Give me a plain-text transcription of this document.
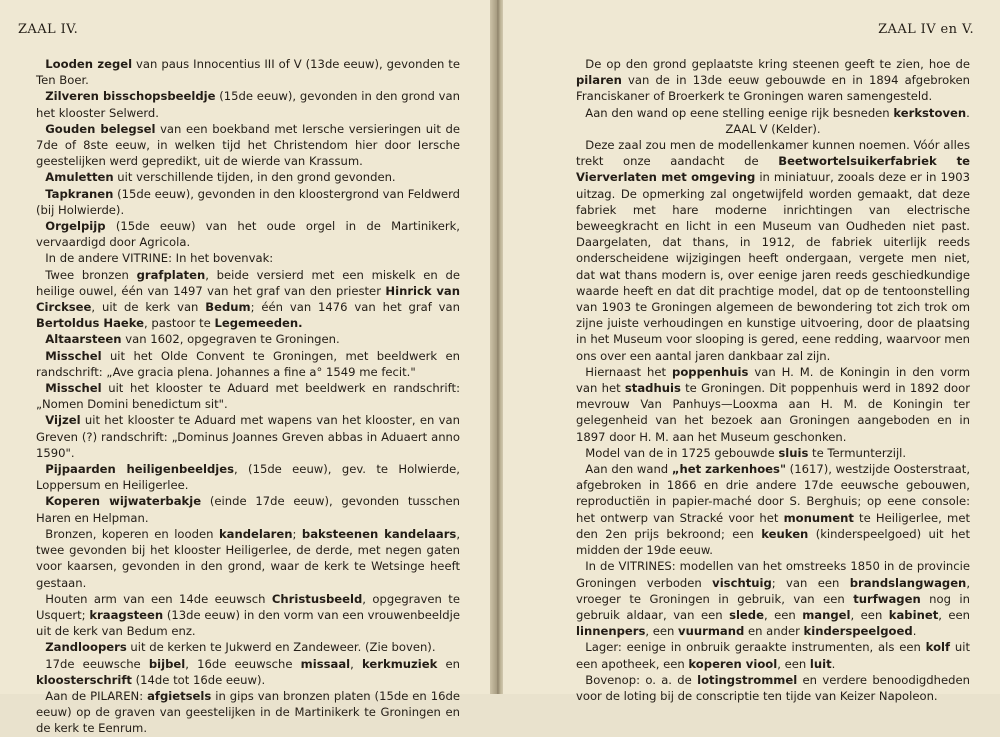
ZAAL IV.

Looden zegel van paus Innocentius III of V (13de eeuw), gevonden te Ten Boer.

Zilveren bisschopsbeeldje (15de eeuw), gevonden in den grond van het klooster Selwerd.

Gouden belegsel van een boekband met Iersche versieringen uit de 7de of 8ste eeuw, in welken tijd het Christendom hier door Iersche geestelijken werd gepredikt, uit de wierde van Krassum.

Amuletten uit verschillende tijden, in den grond gevonden.

Tapkranen (15de eeuw), gevonden in den kloostergrond van Feldwerd (bij Holwierde).

Orgelpijp (15de eeuw) van het oude orgel in de Martinikerk, vervaardigd door Agricola.

In de andere VITRINE: In het bovenvak:

Twee bronzen grafplaten, beide versierd met een miskelk en de heilige ouwel, één van 1497 van het graf van den priester Hinrick van Circksee, uit de kerk van Bedum; één van 1476 van het graf van Bertoldus Haeke, pastoor te Legemeeden.

Altaarsteen van 1602, opgegraven te Groningen.

Misschel uit het Olde Convent te Groningen, met beeldwerk en randschrift: „Ave gracia plena. Johannes a fine a° 1549 me fecit."

Misschel uit het klooster te Aduard met beeldwerk en randschrift: „Nomen Domini benedictum sit".

Vijzel uit het klooster te Aduard met wapens van het klooster, en van Greven (?) randschrift: „Dominus Joannes Greven abbas in Aduaert anno 1590".

Pijpaarden heiligenbeeldjes, (15de eeuw), gev. te Holwierde, Loppersum en Heiligerlee.

Koperen wijwaterbakje (einde 17de eeuw), gevonden tusschen Haren en Helpman.

Bronzen, koperen en looden kandelaren; baksteenen kandelaars, twee gevonden bij het klooster Heiligerlee, de derde, met negen gaten voor kaarsen, gevonden in den grond, waar de kerk te Wetsinge heeft gestaan.

Houten arm van een 14de eeuwsch Christusbeeld, opgegraven te Usquert; kraagsteen (13de eeuw) in den vorm van een vrouwenbeeldje uit de kerk van Bedum enz.

Zandloopers uit de kerken te Jukwerd en Zandeweer. (Zie boven).

17de eeuwsche bijbel, 16de eeuwsche missaal, kerkmuziek en kloosterschrift (14de tot 16de eeuw).

Aan de PILAREN: afgietsels in gips van bronzen platen (15de en 16de eeuw) op de graven van geestelijken in de Martinikerk te Groningen en de kerk te Eenrum.

ZAAL IV en V.

De op den grond geplaatste kring steenen geeft te zien, hoe de pilaren van de in 13de eeuw gebouwde en in 1894 afgebroken Franciskaner of Broerkerk te Groningen waren samengesteld.

Aan den wand op eene stelling eenige rijk besneden kerkstoven.

ZAAL V (Kelder).

Deze zaal zou men de modellenkamer kunnen noemen. Vóór alles trekt onze aandacht de Beetwortelsuikerfabriek te Vierverlaten met omgeving in miniatuur, zooals deze er in 1903 uitzag. De opmerking zal ongetwijfeld worden gemaakt, dat deze fabriek met hare moderne inrichtingen van electrische beweegkracht en licht in een Museum van Oudheden niet past. Daargelaten, dat thans, in 1912, de fabriek uiterlijk reeds onderscheidene wijzigingen heeft ondergaan, vergete men niet, dat wat thans modern is, over eenige jaren reeds geschiedkundige waarde heeft en dat dit prachtige model, dat op de tentoonstelling van 1903 te Groningen algemeen de bewondering tot zich trok om zijne juiste verhoudingen en kunstige uitvoering, door de plaatsing in het Museum voor slooping is gered, eene redding, waarvoor men ons over een aantal jaren dankbaar zal zijn.

Hiernaast het poppenhuis van H. M. de Koningin in den vorm van het stadhuis te Groningen. Dit poppenhuis werd in 1892 door mevrouw Van Panhuys—Looxma aan H. M. de Koningin ter gelegenheid van het bezoek aan Groningen aangeboden en in 1897 door H. M. aan het Museum geschonken.

Model van de in 1725 gebouwde sluis te Termunterzijl.

Aan den wand „het zarkenhoes" (1617), westzijde Oosterstraat, afgebroken in 1866 en drie andere 17de eeuwsche gebouwen, reproductiën in papier-maché door S. Berghuis; op eene console: het ontwerp van Stracké voor het monument te Heiligerlee, met den 2en prijs bekroond; een keuken (kinderspeelgoed) uit het midden der 19de eeuw.

In de VITRINES: modellen van het omstreeks 1850 in de provincie Groningen verboden vischtuig; van een brandslangwagen, vroeger te Groningen in gebruik, van een turfwagen nog in gebruik aldaar, van een slede, een mangel, een kabinet, een linnenpers, een vuurmand en ander kinderspeelgoed.

Lager: eenige in onbruik geraakte instrumenten, als een kolf uit een apotheek, een koperen viool, een luit.

Bovenop: o. a. de lotingstrommel en verdere benoodigdheden voor de loting bij de conscriptie ten tijde van Keizer Napoleon.
